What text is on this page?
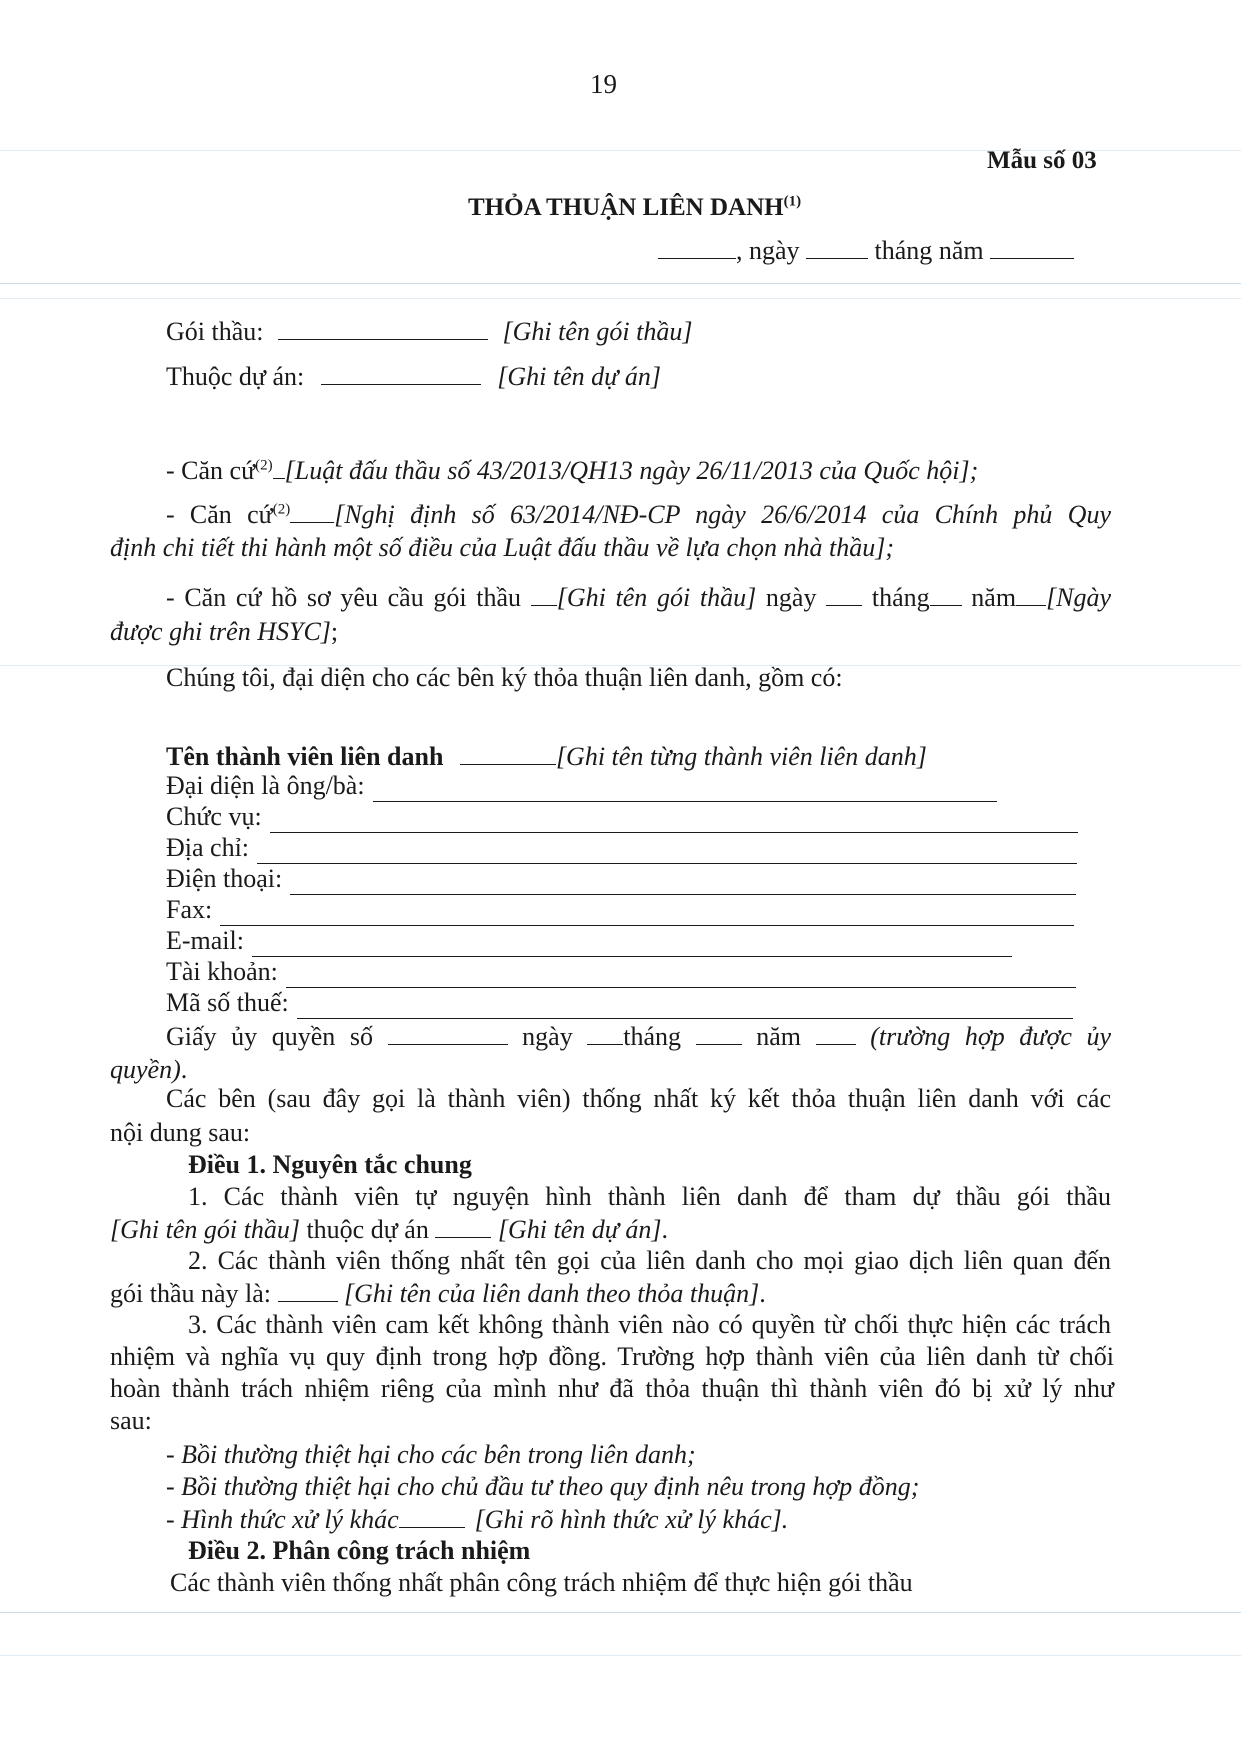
19
Mẫu số 03
THỎA THUẬN LIÊN DANH$^{(1)}$
, ngày	tháng năm
Gói thầu:	[Ghi tên gói thầu]
Thuộc dự án:	[Ghi tên dự án]
- Căn cứ$^{(2)}$ [Luật đấu thầu số 43/2013/QH13 ngày 26/11/2013 của Quốc hội];
- Căn cứ$^{(2)}$ [Nghị định số 63/2014/NĐ-CP ngày 26/6/2014 của Chính phủ Quy
định chi tiết thi hành một số điều của Luật đấu thầu về lựa chọn nhà thầu];
- Căn cứ hồ sơ yêu cầu gói thầu [Ghi tên gói thầu] ngày tháng năm [Ngày
được ghi trên HSYC];
Chúng tôi, đại diện cho các bên ký thỏa thuận liên danh, gồm có:
Tên thành viên liên danh	[Ghi tên từng thành viên liên danh]
Đại diện là ông/bà:
Chức vụ:
Địa chỉ:
Điện thoại:
Fax:
E-mail:
Tài khoản:
Mã số thuế:
Giấy ủy quyền số	ngày tháng	năm	(trường hợp được ủy
quyền).
Các bên (sau đây gọi là thành viên) thống nhất ký kết thỏa thuận liên danh với các
nội dung sau:
Điều 1. Nguyên tắc chung
1. Các thành viên tự nguyện hình thành liên danh để tham dự thầu gói thầu
[Ghi tên gói thầu] thuộc dự án	[Ghi tên dự án].
2. Các thành viên thống nhất tên gọi của liên danh cho mọi giao dịch liên quan đến
gói thầu này là:	[Ghi tên của liên danh theo thỏa thuận].
3. Các thành viên cam kết không thành viên nào có quyền từ chối thực hiện các trách
nhiệm và nghĩa vụ quy định trong hợp đồng. Trường hợp thành viên của liên danh từ chối
hoàn thành trách nhiệm riêng của mình như đã thỏa thuận thì thành viên đó bị xử lý như
sau:
- Bồi thường thiệt hại cho các bên trong liên danh;
- Bồi thường thiệt hại cho chủ đầu tư theo quy định nêu trong hợp đồng;
- Hình thức xử lý khác	[Ghi rõ hình thức xử lý khác].
Điều 2. Phân công trách nhiệm
Các thành viên thống nhất phân công trách nhiệm để thực hiện gói thầu
